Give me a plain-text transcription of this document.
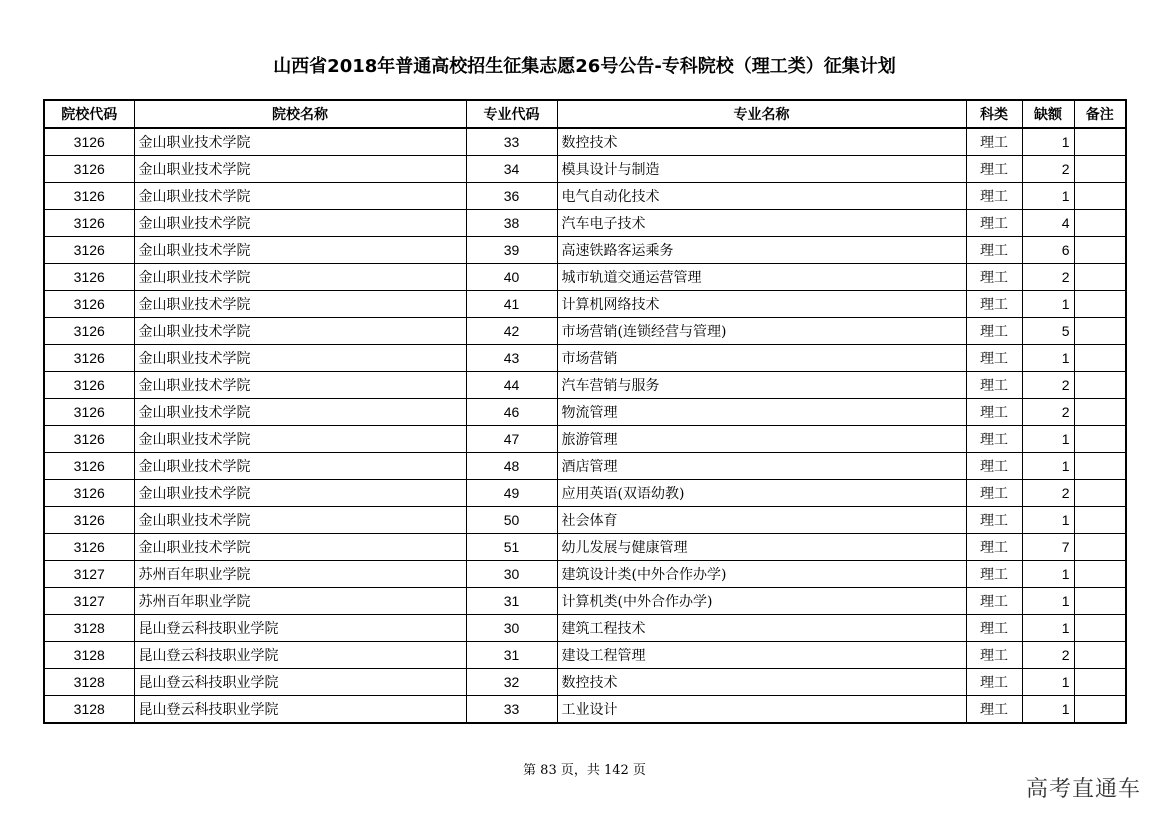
山西省2018年普通高校招生征集志愿26号公告-专科院校（理工类）征集计划
院校代码	院校名称	专业代码	专业名称	科类	缺额	备注
3126	金山职业技术学院	33	数控技术	理工	1	
3126	金山职业技术学院	34	模具设计与制造	理工	2	
3126	金山职业技术学院	36	电气自动化技术	理工	1	
3126	金山职业技术学院	38	汽车电子技术	理工	4	
3126	金山职业技术学院	39	高速铁路客运乘务	理工	6	
3126	金山职业技术学院	40	城市轨道交通运营管理	理工	2	
3126	金山职业技术学院	41	计算机网络技术	理工	1	
3126	金山职业技术学院	42	市场营销(连锁经营与管理)	理工	5	
3126	金山职业技术学院	43	市场营销	理工	1	
3126	金山职业技术学院	44	汽车营销与服务	理工	2	
3126	金山职业技术学院	46	物流管理	理工	2	
3126	金山职业技术学院	47	旅游管理	理工	1	
3126	金山职业技术学院	48	酒店管理	理工	1	
3126	金山职业技术学院	49	应用英语(双语幼教)	理工	2	
3126	金山职业技术学院	50	社会体育	理工	1	
3126	金山职业技术学院	51	幼儿发展与健康管理	理工	7	
3127	苏州百年职业学院	30	建筑设计类(中外合作办学)	理工	1	
3127	苏州百年职业学院	31	计算机类(中外合作办学)	理工	1	
3128	昆山登云科技职业学院	30	建筑工程技术	理工	1	
3128	昆山登云科技职业学院	31	建设工程管理	理工	2	
3128	昆山登云科技职业学院	32	数控技术	理工	1	
3128	昆山登云科技职业学院	33	工业设计	理工	1	
第 83 页，共 142 页
高考直通车
